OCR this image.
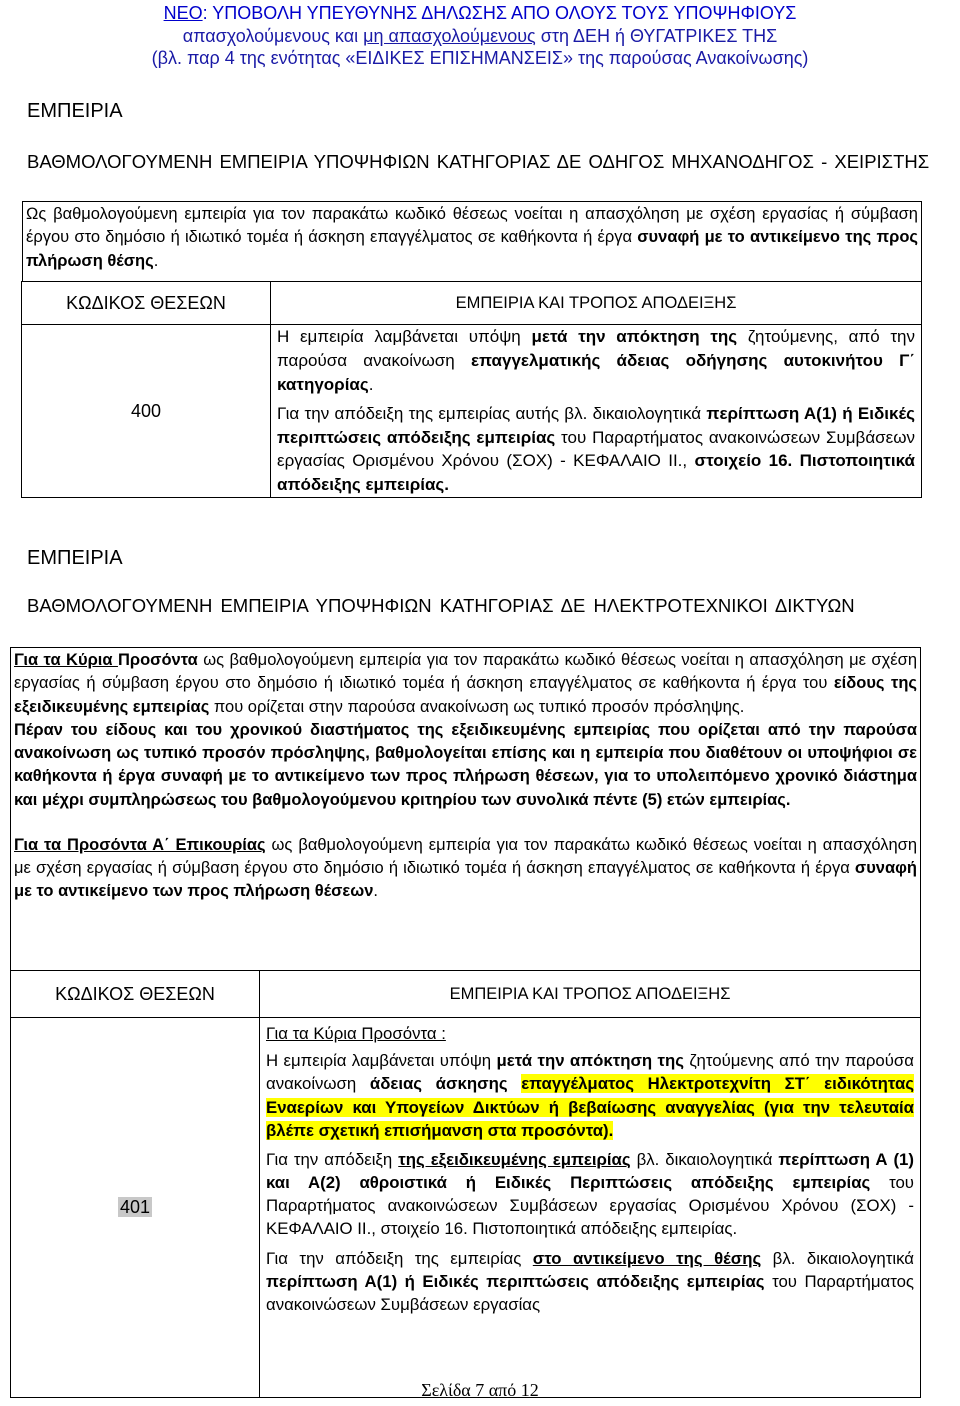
ΝΕΟ: ΥΠΟΒΟΛΗ ΥΠΕΥΘΥΝΗΣ ΔΗΛΩΣΗΣ ΑΠΟ ΟΛΟΥΣ ΤΟΥΣ ΥΠΟΨΗΦΙΟΥΣ
απασχολούμενους και μη απασχολούμενους στη ΔΕΗ ή ΘΥΓΑΤΡΙΚΕΣ ΤΗΣ
(βλ. παρ 4 της ενότητας «ΕΙΔΙΚΕΣ ΕΠΙΣΗΜΑΝΣΕΙΣ» της παρούσας Ανακοίνωσης)
ΕΜΠΕΙΡΙΑ
ΒΑΘΜΟΛΟΓΟΥΜΕΝΗ ΕΜΠΕΙΡΙΑ ΥΠΟΨΗΦΙΩΝ ΚΑΤΗΓΟΡΙΑΣ ΔΕ ΟΔΗΓΟΣ ΜΗΧΑΝΟΔΗΓΟΣ - ΧΕΙΡΙΣΤΗΣ
Ως βαθμολογούμενη εμπειρία για τον παρακάτω κωδικό θέσεως νοείται η απασχόληση με σχέση εργασίας ή σύμβαση έργου στο δημόσιο ή ιδιωτικό τομέα ή άσκηση επαγγέλματος σε καθήκοντα ή έργα συναφή με το αντικείμενο της προς πλήρωση θέσης.
ΚΩΔΙΚΟΣ ΘΕΣΕΩΝ	ΕΜΠΕΙΡΙΑ ΚΑΙ ΤΡΟΠΟΣ ΑΠΟΔΕΙΞΗΣ
400	Η εμπειρία λαμβάνεται υπόψη μετά την απόκτηση της ζητούμενης, από την παρούσα ανακοίνωση επαγγελματικής άδειας οδήγησης αυτοκινήτου Γ΄ κατηγορίας.

Για την απόδειξη της εμπειρίας αυτής βλ. δικαιολογητικά περίπτωση Α(1) ή Ειδικές περιπτώσεις απόδειξης εμπειρίας του Παραρτήματος ανακοινώσεων Συμβάσεων εργασίας Ορισμένου Χρόνου (ΣΟΧ) - ΚΕΦΑΛΑΙΟ ΙΙ., στοιχείο 16. Πιστοποιητικά απόδειξης εμπειρίας.

ΕΜΠΕΙΡΙΑ
ΒΑΘΜΟΛΟΓΟΥΜΕΝΗ ΕΜΠΕΙΡΙΑ ΥΠΟΨΗΦΙΩΝ ΚΑΤΗΓΟΡΙΑΣ ΔΕ ΗΛΕΚΤΡΟΤΕΧΝΙΚΟΙ ΔΙΚΤΥΩΝ
Για τα Κύρια Προσόντα ως βαθμολογούμενη εμπειρία για τον παρακάτω κωδικό θέσεως νοείται η απασχόληση με σχέση εργασίας ή σύμβαση έργου στο δημόσιο ή ιδιωτικό τομέα ή άσκηση επαγγέλματος σε καθήκοντα ή έργα του είδους της εξειδικευμένης εμπειρίας που ορίζεται στην παρούσα ανακοίνωση ως τυπικό προσόν πρόσληψης.
Πέραν του είδους και του χρονικού διαστήματος της εξειδικευμένης εμπειρίας που ορίζεται από την παρούσα ανακοίνωση ως τυπικό προσόν πρόσληψης, βαθμολογείται επίσης και η εμπειρία που διαθέτουν οι υποψήφιοι σε καθήκοντα ή έργα συναφή με το αντικείμενο των προς πλήρωση θέσεων, για το υπολειπόμενο χρονικό διάστημα και μέχρι συμπληρώσεως του βαθμολογούμενου κριτηρίου των συνολικά πέντε (5) ετών εμπειρίας.
Για τα Προσόντα Α΄ Επικουρίας ως βαθμολογούμενη εμπειρία για τον παρακάτω κωδικό θέσεως νοείται η απασχόληση με σχέση εργασίας ή σύμβαση έργου στο δημόσιο ή ιδιωτικό τομέα ή άσκηση επαγγέλματος σε καθήκοντα ή έργα συναφή με το αντικείμενο των προς πλήρωση θέσεων.
ΚΩΔΙΚΟΣ ΘΕΣΕΩΝ	ΕΜΠΕΙΡΙΑ ΚΑΙ ΤΡΟΠΟΣ ΑΠΟΔΕΙΞΗΣ
401	Για τα Κύρια Προσόντα :

Η εμπειρία λαμβάνεται υπόψη μετά την απόκτηση της ζητούμενης από την παρούσα ανακοίνωση άδειας άσκησης επαγγέλματος Ηλεκτροτεχνίτη ΣΤ΄ ειδικότητας Εναερίων και Υπογείων Δικτύων ή βεβαίωσης αναγγελίας (για την τελευταία βλέπε σχετική επισήμανση στα προσόντα).

Για την απόδειξη της εξειδικευμένης εμπειρίας βλ. δικαιολογητικά περίπτωση Α (1) και Α(2) αθροιστικά ή Ειδικές Περιπτώσεις απόδειξης εμπειρίας του Παραρτήματος ανακοινώσεων Συμβάσεων εργασίας Ορισμένου Χρόνου (ΣΟΧ) - ΚΕΦΑΛΑΙΟ ΙΙ., στοιχείο 16. Πιστοποιητικά απόδειξης εμπειρίας.

Για την απόδειξη της εμπειρίας στο αντικείμενο της θέσης βλ. δικαιολογητικά περίπτωση Α(1) ή Ειδικές περιπτώσεις απόδειξης εμπειρίας του Παραρτήματος ανακοινώσεων Συμβάσεων εργασίας

Σελίδα 7 από 12
